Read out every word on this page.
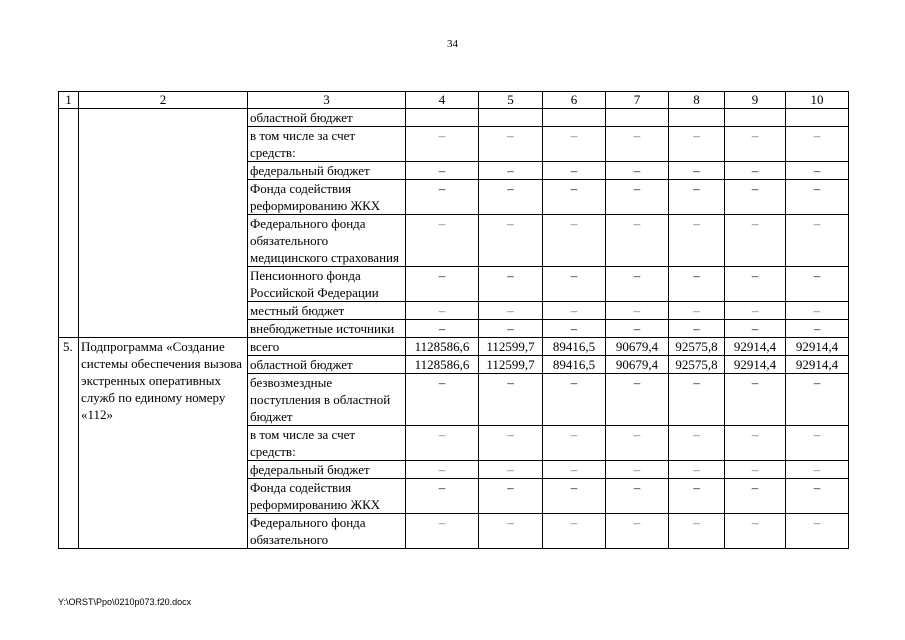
34
1	2	3	4	5	6	7	8	9	10
		областной бюджет							
		в том числе за счет средств:	–	–	–	–	–	–	–
		федеральный бюджет	–	–	–	–	–	–	–
		Фонда содействия реформированию ЖКХ	–	–	–	–	–	–	–
		Федерального фонда обязательного медицинского страхования	–	–	–	–	–	–	–
		Пенсионного фонда Российской Федерации	–	–	–	–	–	–	–
		местный бюджет	–	–	–	–	–	–	–
		внебюджетные источники	–	–	–	–	–	–	–
5.	Подпрограмма «Создание системы обеспечения вызова экстренных оперативных служб по единому номеру «112»	всего	1128586,6	112599,7	89416,5	90679,4	92575,8	92914,4	92914,4
		областной бюджет	1128586,6	112599,7	89416,5	90679,4	92575,8	92914,4	92914,4
		безвозмездные поступления в областной бюджет	–	–	–	–	–	–	–
		в том числе за счет средств:	–	–	–	–	–	–	–
		федеральный бюджет	–	–	–	–	–	–	–
		Фонда содействия реформированию ЖКХ	–	–	–	–	–	–	–
		Федерального фонда обязательного	–	–	–	–	–	–	–
Y:\ORST\Ppo\0210p073.f20.docx
